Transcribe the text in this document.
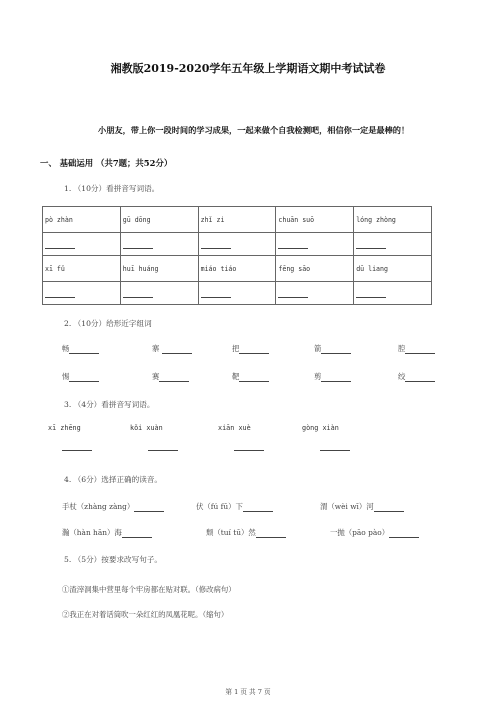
湘教版2019-2020学年五年级上学期语文期中考试试卷
小朋友，带上你一段时间的学习成果，一起来做个自我检测吧，相信你一定是最棒的！
一、 基础运用 （共7题；共52分）
1. （10分）看拼音写词语。
pò zhàn	gū dōng	zhǐ zi	chuān suō	lóng zhòng

xī fǔ	huī huáng	miáo tiáo	fēng sāo	dū liang

2. （10分）给形近字组词
畅	寨	把	箭	腔
惕	赛	靶	剪	绞
3. （4分）看拼音写词语。
xī zhēng	kǒi xuàn	xiān xuè	gòng xiàn
4. （6分）选择正确的读音。
手杖（zhàng zàng）	伏（fú fū）下	渭（wèi wī）河
瀚（hàn hān）海	颓（tuí tū）然	一抛（pāo pào）
5. （5分）按要求改写句子。
①渣滓洞集中营里每个牢房都在贴对联。（修改病句）
②我正在对着话筒吹一朵红红的凤凰花呢。（缩句）
第 1 页 共 7 页
